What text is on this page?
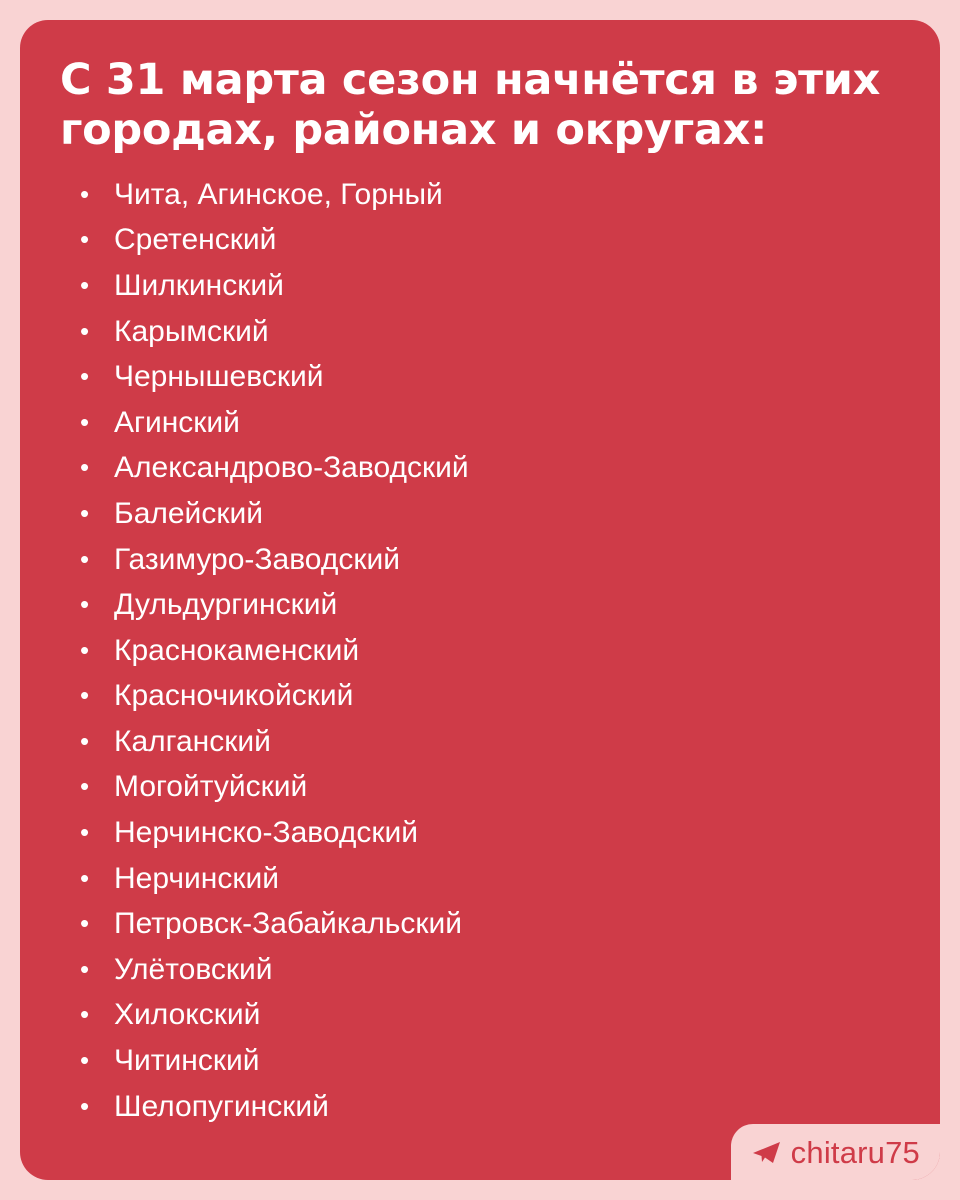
С 31 марта сезон начнётся в этих городах, районах и округах:
• Чита, Агинское, Горный
• Сретенский
• Шилкинский
• Карымский
• Чернышевский
• Агинский
• Александрово-Заводский
• Балейский
• Газимуро-Заводский
• Дульдургинский
• Краснокаменский
• Красночикойский
• Калганский
• Могойтуйский
• Нерчинско-Заводский
• Нерчинский
• Петровск-Забайкальский
• Улётовский
• Хилокский
• Читинский
• Шелопугинский
chitaru75
